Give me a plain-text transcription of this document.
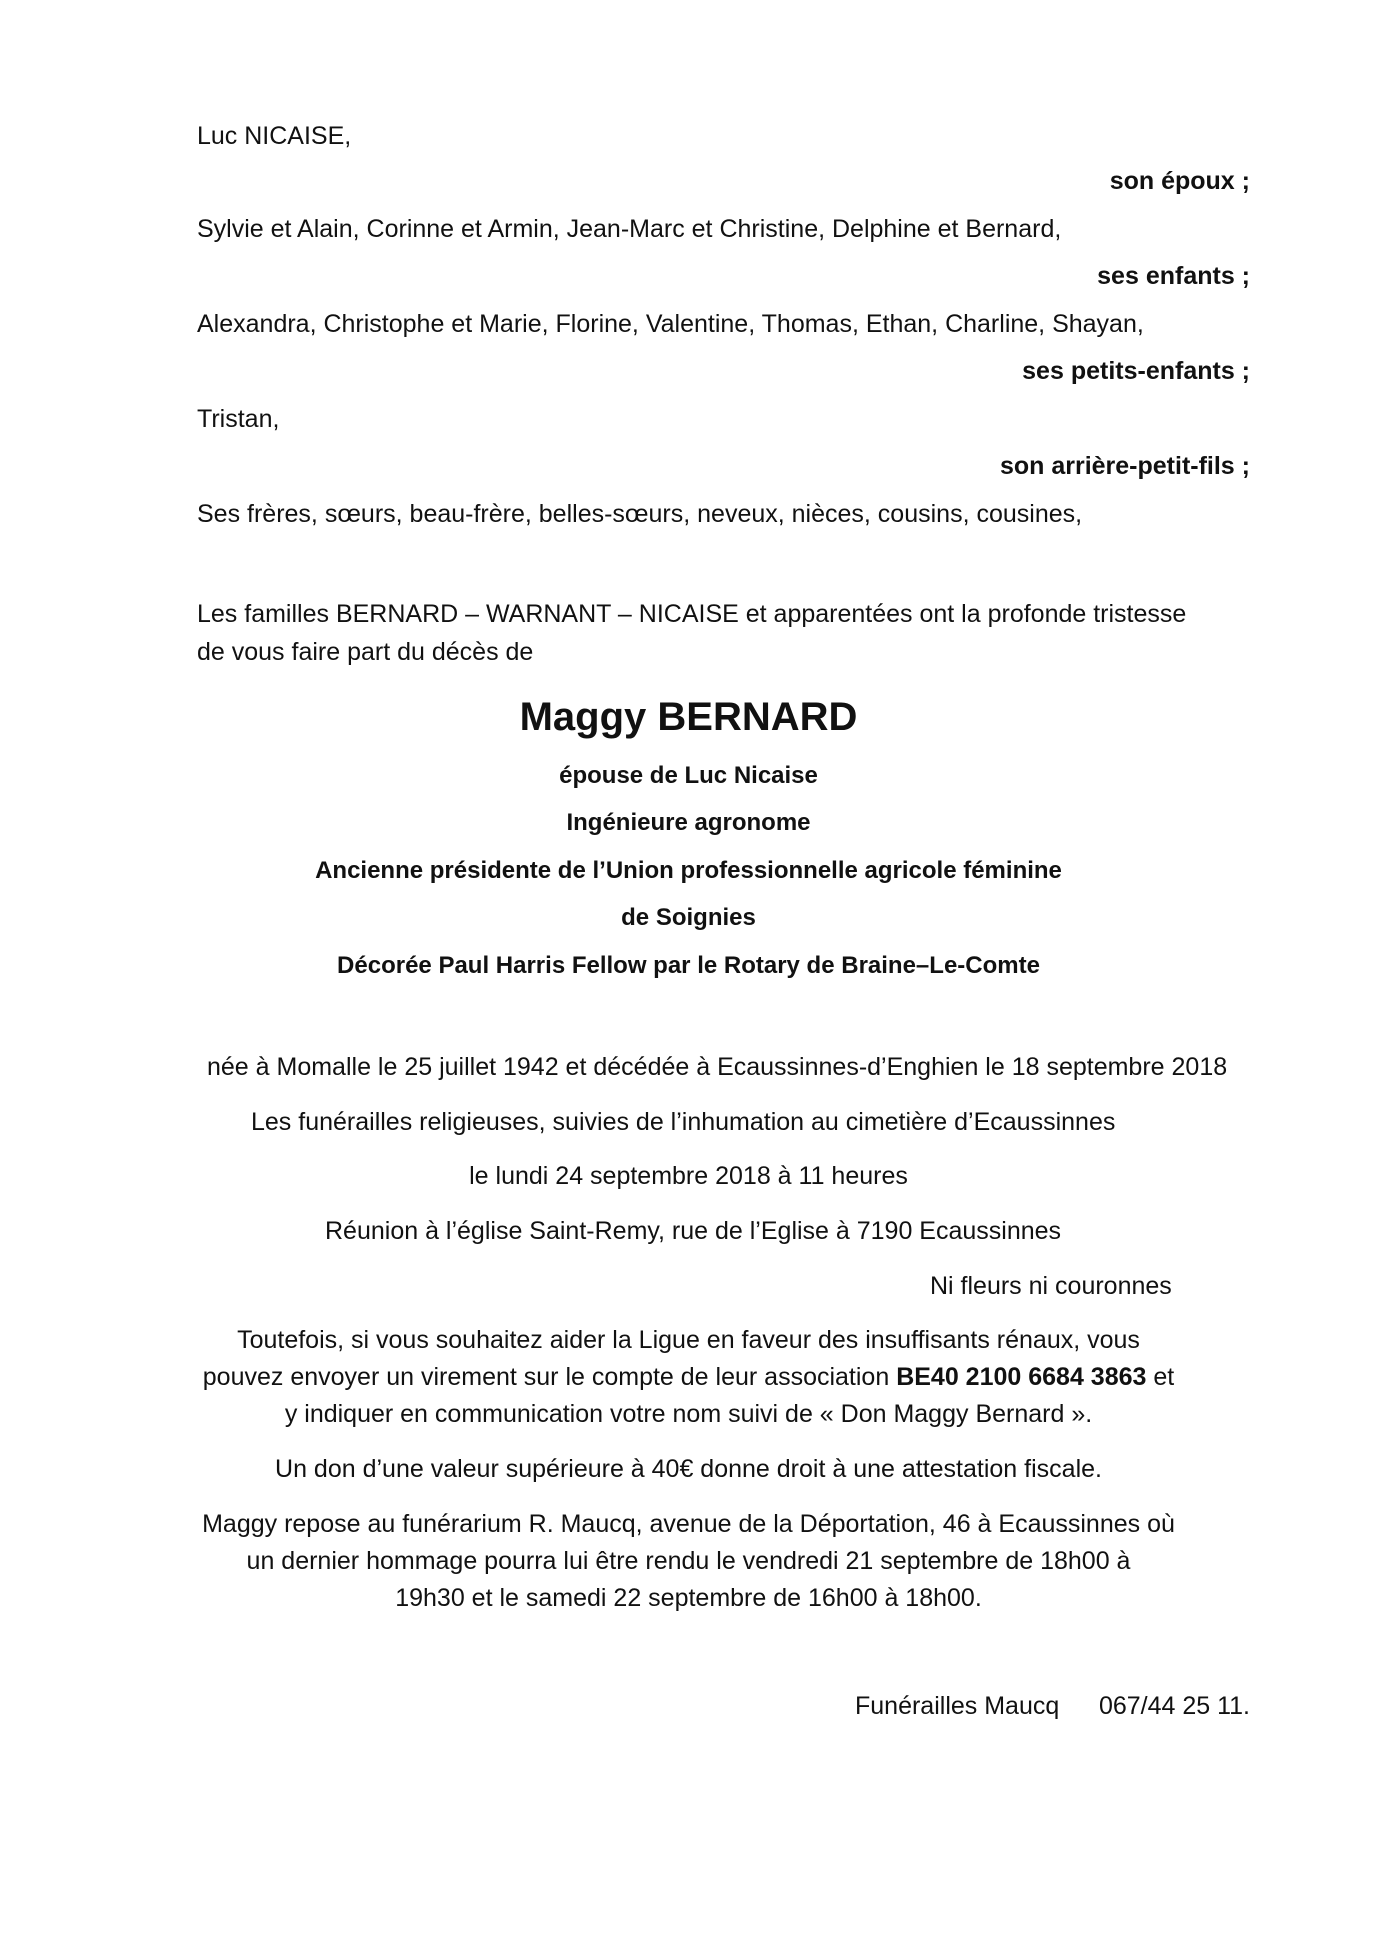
Luc NICAISE,
son époux ;
Sylvie et Alain, Corinne et Armin, Jean-Marc et Christine, Delphine et Bernard,
ses enfants ;
Alexandra, Christophe et Marie, Florine, Valentine, Thomas, Ethan, Charline, Shayan,
ses petits-enfants ;
Tristan,
son arrière-petit-fils ;
Ses frères, sœurs, beau-frère, belles-sœurs, neveux, nièces, cousins, cousines,
Les familles BERNARD – WARNANT – NICAISE et apparentées ont la profonde tristesse
de vous faire part du décès de
Maggy BERNARD
épouse de Luc Nicaise
Ingénieure agronome
Ancienne présidente de l’Union professionnelle agricole féminine
de Soignies
Décorée Paul Harris Fellow par le Rotary de Braine–Le-Comte
née à Momalle le 25 juillet 1942 et décédée à Ecaussinnes-d’Enghien le 18 septembre 2018
Les funérailles religieuses, suivies de l’inhumation au cimetière d’Ecaussinnes
le lundi 24 septembre 2018 à 11 heures
Réunion à l’église Saint-Remy, rue de l’Eglise à 7190 Ecaussinnes
Ni fleurs ni couronnes
Toutefois, si vous souhaitez aider la Ligue en faveur des insuffisants rénaux, vous
pouvez envoyer un virement sur le compte de leur association BE40 2100 6684 3863 et
y indiquer en communication votre nom suivi de « Don Maggy Bernard ».
Un don d’une valeur supérieure à 40€ donne droit à une attestation fiscale.
Maggy repose au funérarium R. Maucq, avenue de la Déportation, 46 à Ecaussinnes où
un dernier hommage pourra lui être rendu le vendredi 21 septembre de 18h00 à
19h30 et le samedi 22 septembre de 16h00 à 18h00.
Funérailles Maucq 067/44 25 11.
